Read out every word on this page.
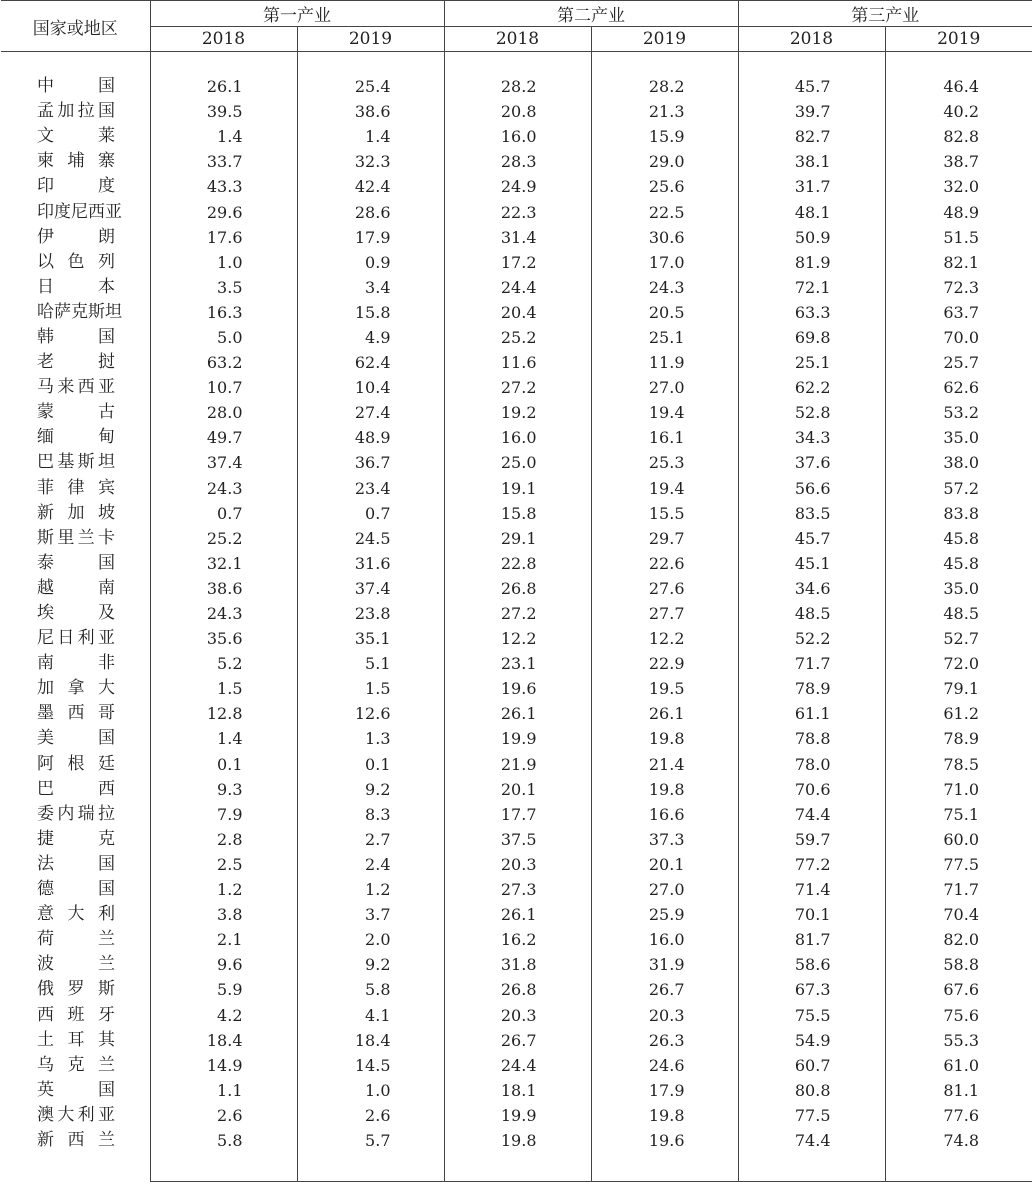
国家或地区	第一产业		第二产业		第三产业	
	2018	2019	2018	2019	2018	2019

中国	26.1	25.4	28.2	28.2	45.7	46.4
孟加拉国	39.5	38.6	20.8	21.3	39.7	40.2
文莱	1.4	1.4	16.0	15.9	82.7	82.8
柬埔寨	33.7	32.3	28.3	29.0	38.1	38.7
印度	43.3	42.4	24.9	25.6	31.7	32.0
印度尼西亚	29.6	28.6	22.3	22.5	48.1	48.9
伊朗	17.6	17.9	31.4	30.6	50.9	51.5
以色列	1.0	0.9	17.2	17.0	81.9	82.1
日本	3.5	3.4	24.4	24.3	72.1	72.3
哈萨克斯坦	16.3	15.8	20.4	20.5	63.3	63.7
韩国	5.0	4.9	25.2	25.1	69.8	70.0
老挝	63.2	62.4	11.6	11.9	25.1	25.7
马来西亚	10.7	10.4	27.2	27.0	62.2	62.6
蒙古	28.0	27.4	19.2	19.4	52.8	53.2
缅甸	49.7	48.9	16.0	16.1	34.3	35.0
巴基斯坦	37.4	36.7	25.0	25.3	37.6	38.0
菲律宾	24.3	23.4	19.1	19.4	56.6	57.2
新加坡	0.7	0.7	15.8	15.5	83.5	83.8
斯里兰卡	25.2	24.5	29.1	29.7	45.7	45.8
泰国	32.1	31.6	22.8	22.6	45.1	45.8
越南	38.6	37.4	26.8	27.6	34.6	35.0
埃及	24.3	23.8	27.2	27.7	48.5	48.5
尼日利亚	35.6	35.1	12.2	12.2	52.2	52.7
南非	5.2	5.1	23.1	22.9	71.7	72.0
加拿大	1.5	1.5	19.6	19.5	78.9	79.1
墨西哥	12.8	12.6	26.1	26.1	61.1	61.2
美国	1.4	1.3	19.9	19.8	78.8	78.9
阿根廷	0.1	0.1	21.9	21.4	78.0	78.5
巴西	9.3	9.2	20.1	19.8	70.6	71.0
委内瑞拉	7.9	8.3	17.7	16.6	74.4	75.1
捷克	2.8	2.7	37.5	37.3	59.7	60.0
法国	2.5	2.4	20.3	20.1	77.2	77.5
德国	1.2	1.2	27.3	27.0	71.4	71.7
意大利	3.8	3.7	26.1	25.9	70.1	70.4
荷兰	2.1	2.0	16.2	16.0	81.7	82.0
波兰	9.6	9.2	31.8	31.9	58.6	58.8
俄罗斯	5.9	5.8	26.8	26.7	67.3	67.6
西班牙	4.2	4.1	20.3	20.3	75.5	75.6
土耳其	18.4	18.4	26.7	26.3	54.9	55.3
乌克兰	14.9	14.5	24.4	24.6	60.7	61.0
英国	1.1	1.0	18.1	17.9	80.8	81.1
澳大利亚	2.6	2.6	19.9	19.8	77.5	77.6
新西兰	5.8	5.7	19.8	19.6	74.4	74.8
